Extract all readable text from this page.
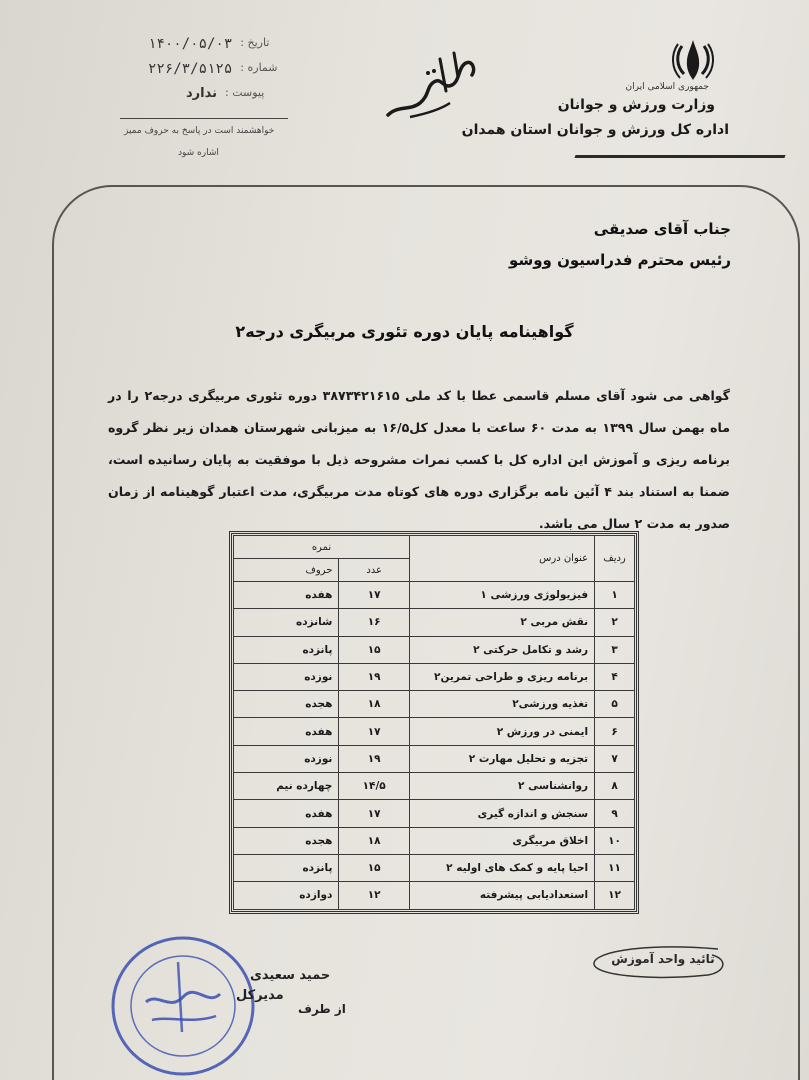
جمهوری اسلامی ایران
وزارت ورزش و جوانان
اداره کل ورزش و جوانان استان همدان
تاریخ :
۱۴۰۰/۰۵/۰۳
شماره :
۲۲۶/۳/۵۱۲۵
پیوست :
ندارد
خواهشمند است در پاسخ به حروف ممیز
اشاره شود
جناب آقای صدیقی
رئیس محترم فدراسیون ووشو
گواهینامه پایان دوره تئوری مربیگری درجه۲
گواهی می شود آقای مسلم قاسمی عطا با کد ملی ۳۸۷۳۴۲۱۶۱۵ دوره تئوری مربیگری درجه۲ را در ماه بهمن سال ۱۳۹۹ به مدت ۶۰ ساعت با معدل کل۱۶/۵ به میزبانی شهرستان همدان زیر نظر گروه برنامه ریزی و آموزش این اداره کل با کسب نمرات مشروحه ذیل با موفقیت به پایان رسانیده است، ضمنا به استناد بند ۴ آئین نامه برگزاری دوره های کوتاه مدت مربیگری، مدت اعتبار گوهینامه از زمان صدور به مدت ۲ سال می باشد.
ردیف	عنوان درس	نمره	
		عدد	حروف
۱	فیزیولوژی ورزشی ۱	۱۷	هفده
۲	نقش مربی ۲	۱۶	شانزده
۳	رشد و تکامل حرکتی ۲	۱۵	پانزده
۴	برنامه ریزی و طراحی تمرین۲	۱۹	نوزده
۵	تغذیه ورزشی۲	۱۸	هجده
۶	ایمنی در ورزش ۲	۱۷	هفده
۷	تجزیه و تحلیل مهارت ۲	۱۹	نوزده
۸	روانشناسی ۲	۱۴/۵	چهارده نیم
۹	سنجش و اندازه گیری	۱۷	هفده
۱۰	اخلاق مربیگری	۱۸	هجده
۱۱	احیا پایه و کمک های اولیه ۲	۱۵	پانزده
۱۲	استعدادیابی پیشرفته	۱۲	دوازده
تائید واحد آموزش
حمید سعیدی
مدیرکل
از طرف
